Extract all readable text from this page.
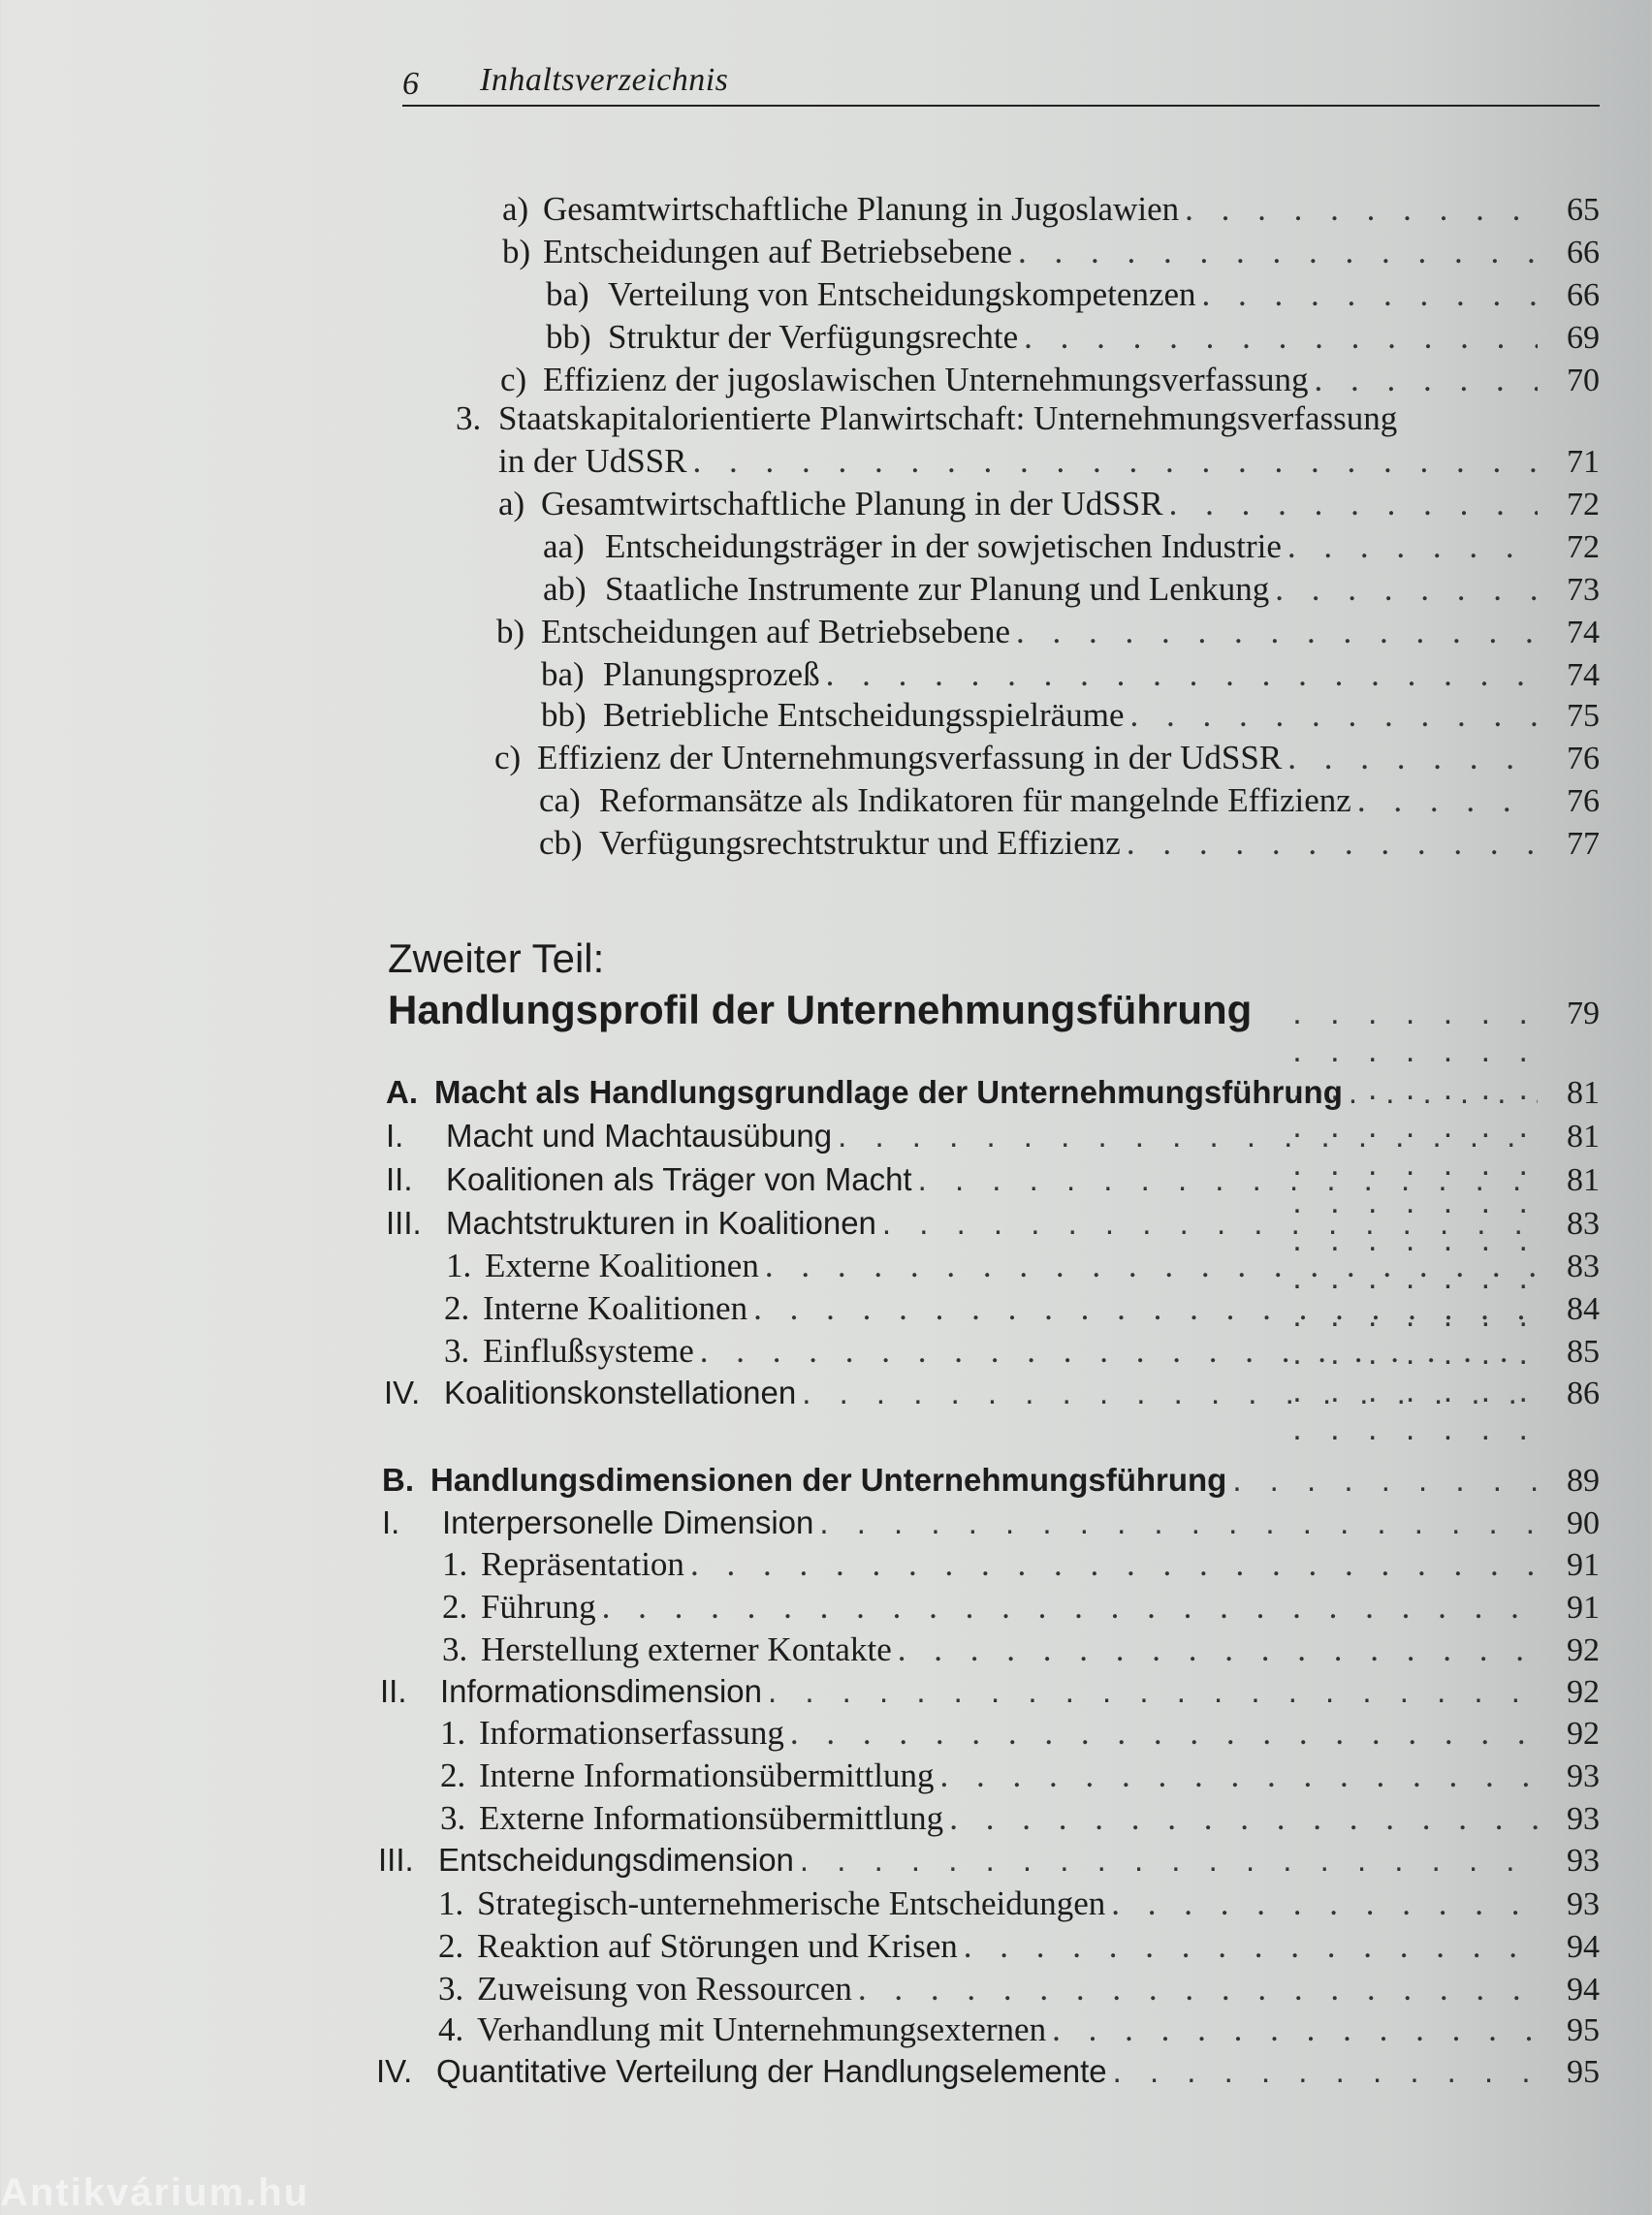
6 Inhaltsverzeichnis
a) Gesamtwirtschaftliche Planung in Jugoslawien . . .	65
b) Entscheidungen auf Betriebsebene . . .	66
ba) Verteilung von Entscheidungskompetenzen . . .	66
bb) Struktur der Verfügungsrechte . . .	69
c) Effizienz der jugoslawischen Unternehmungsverfassung . . .	70
3. Staatskapitalorientierte Planwirtschaft: Unternehmungsverfassung
in der UdSSR . . .	71
a) Gesamtwirtschaftliche Planung in der UdSSR . . .	72
aa) Entscheidungsträger in der sowjetischen Industrie . . .	72
ab) Staatliche Instrumente zur Planung und Lenkung . . .	73
b) Entscheidungen auf Betriebsebene . . .	74
ba) Planungsprozeß . . .	74
bb) Betriebliche Entscheidungsspielräume . . .	75
c) Effizienz der Unternehmungsverfassung in der UdSSR . . .	76
ca) Reformansätze als Indikatoren für mangelnde Effizienz . . .	76
cb) Verfügungsrechtstruktur und Effizienz . . .	77
Zweiter Teil:
Handlungsprofil der Unternehmungsführung . . .	79
A. Macht als Handlungsgrundlage der Unternehmungsführung . . .	81
I.	Macht und Machtausübung . . .	81
II.	Koalitionen als Träger von Macht . . .	81
III. Machtstrukturen in Koalitionen . . .	83
1. Externe Koalitionen . . .	83
2. Interne Koalitionen . . .	84
3. Einflußsysteme . . .	85
IV. Koalitionskonstellationen . . .	86
B. Handlungsdimensionen der Unternehmungsführung . . .	89
I.	Interpersonelle Dimension . . .	90
1. Repräsentation . . .	91
2. Führung . . .	91
3. Herstellung externer Kontakte . . .	92
II.	Informationsdimension . . .	92
1. Informationserfassung . . .	92
2. Interne Informationsübermittlung . . .	93
3. Externe Informationsübermittlung . . .	93
III. Entscheidungsdimension . . .	93
1. Strategisch-unternehmerische Entscheidungen . . .	93
2. Reaktion auf Störungen und Krisen . . .	94
3. Zuweisung von Ressourcen . . .	94
4. Verhandlung mit Unternehmungsexternen . . .	95
IV. Quantitative Verteilung der Handlungselemente . . .	95
Antikvárium.hu
